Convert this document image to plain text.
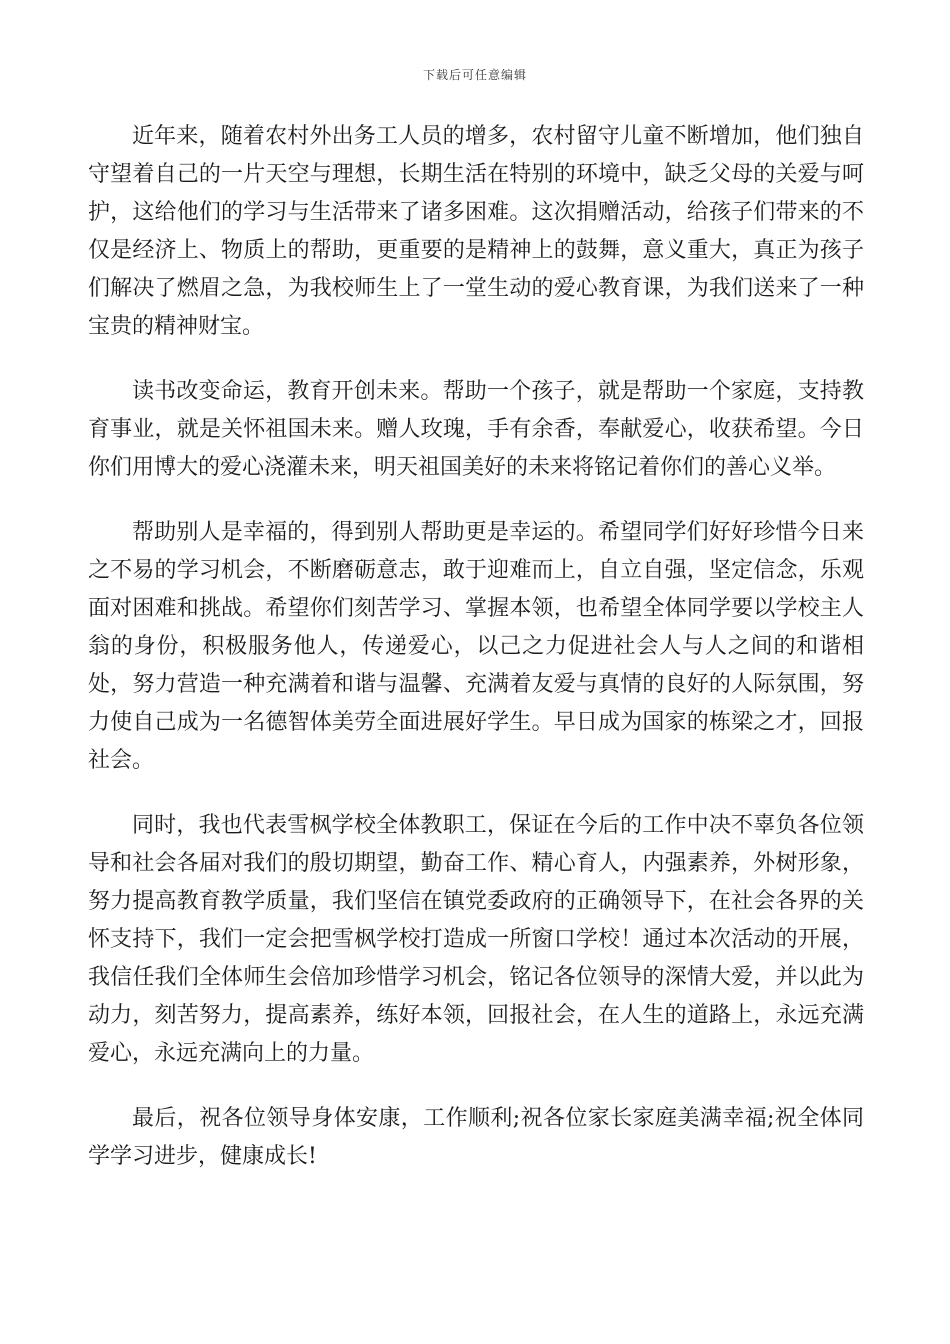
下载后可任意编辑

近年来，随着农村外出务工人员的增多，农村留守儿童不断增加，他们独自守望着自己的一片天空与理想，长期生活在特别的环境中，缺乏父母的关爱与呵护，这给他们的学习与生活带来了诸多困难。这次捐赠活动，给孩子们带来的不仅是经济上、物质上的帮助，更重要的是精神上的鼓舞，意义重大，真正为孩子们解决了燃眉之急，为我校师生上了一堂生动的爱心教育课，为我们送来了一种宝贵的精神财宝。

读书改变命运，教育开创未来。帮助一个孩子，就是帮助一个家庭，支持教育事业，就是关怀祖国未来。赠人玫瑰，手有余香，奉献爱心，收获希望。今日你们用博大的爱心浇灌未来，明天祖国美好的未来将铭记着你们的善心义举。

帮助别人是幸福的，得到别人帮助更是幸运的。希望同学们好好珍惜今日来之不易的学习机会，不断磨砺意志，敢于迎难而上，自立自强，坚定信念，乐观面对困难和挑战。希望你们刻苦学习、掌握本领，也希望全体同学要以学校主人翁的身份，积极服务他人，传递爱心，以己之力促进社会人与人之间的和谐相处，努力营造一种充满着和谐与温馨、充满着友爱与真情的良好的人际氛围，努力使自己成为一名德智体美劳全面进展好学生。早日成为国家的栋梁之才，回报社会。

同时，我也代表雪枫学校全体教职工，保证在今后的工作中决不辜负各位领导和社会各届对我们的殷切期望，勤奋工作、精心育人，内强素养，外树形象，努力提高教育教学质量，我们坚信在镇党委政府的正确领导下，在社会各界的关怀支持下，我们一定会把雪枫学校打造成一所窗口学校！通过本次活动的开展，我信任我们全体师生会倍加珍惜学习机会，铭记各位领导的深情大爱，并以此为动力，刻苦努力，提高素养，练好本领，回报社会，在人生的道路上，永远充满爱心，永远充满向上的力量。

最后，祝各位领导身体安康，工作顺利;祝各位家长家庭美满幸福;祝全体同学学习进步，健康成长!
